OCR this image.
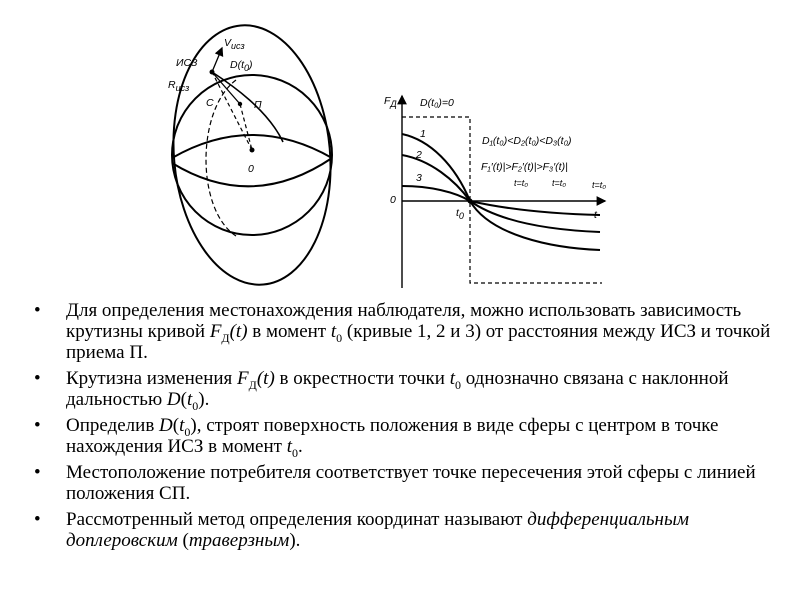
ИСЗ
Vисз
Rисз
D(t0)
С	П
0
FД
0
t
t0
D(t₀)=0
1
2
3
D₁(t₀)<D₂(t₀)<D₃(t₀)
F₁′(t)|>F₂′(t)|>F₃′(t)|
t=t₀	t=t₀	t=t₀
• Для определения местонахождения наблюдателя, можно использовать зависимость крутизны кривой $F_Д(t)$ в момент $t_0$ (кривые 1, 2 и 3) от расстояния между ИСЗ и точкой приема П.
• Крутизна изменения $F_Д(t)$ в окрестности точки $t_0$ однозначно связана с наклонной дальностью $D(t_0)$.
• Определив $D(t_0)$, строят поверхность положения в виде сферы с центром в точке нахождения ИСЗ в момент $t_0$.
• Местоположение потребителя соответствует точке пересечения этой сферы с линией положения СП.
• Рассмотренный метод определения координат называют дифференциальным доплеровским (траверзным).
